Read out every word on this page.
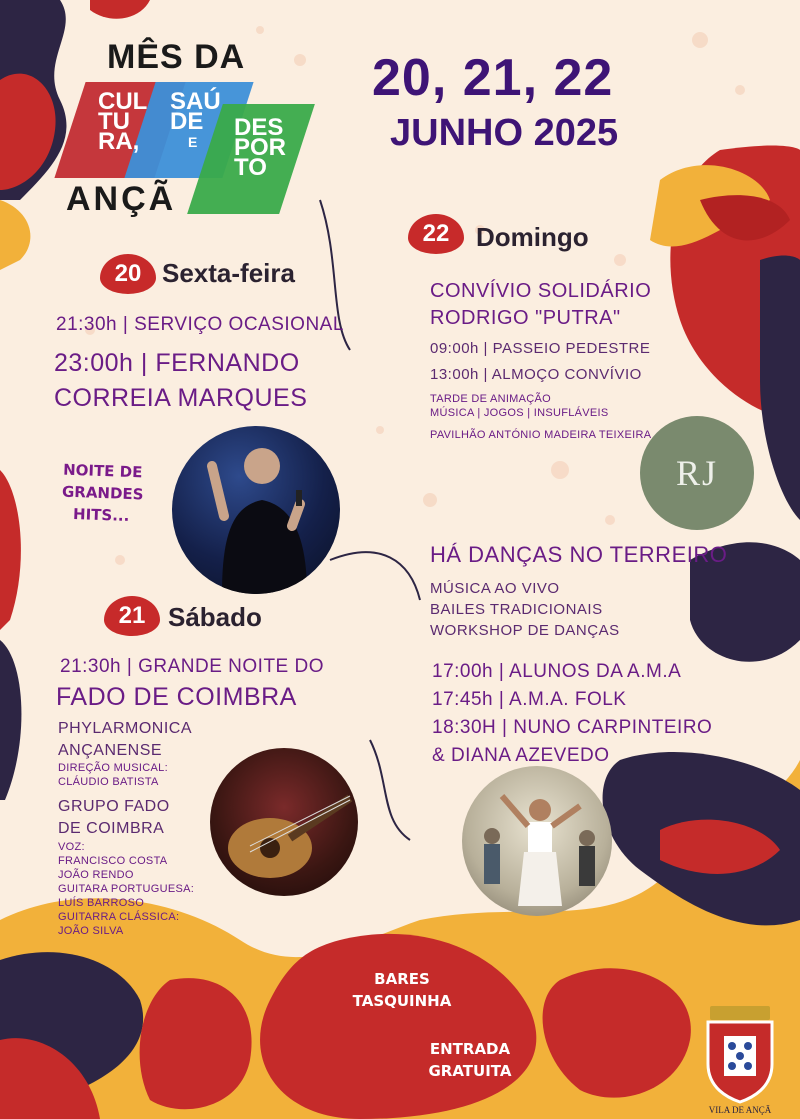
MÊS DA
CUL
TU
RA,
SAÚ
DE
E
DES
POR
TO
ANÇÃ
20, 21, 22
JUNHO 2025
20 Sexta-feira
21:30h | SERVIÇO OCASIONAL
23:00h | FERNANDO
CORREIA MARQUES
NOITE DE
GRANDES
HITS...
21 Sábado
21:30h | GRANDE NOITE DO
FADO DE COIMBRA
PHYLARMONICA
ANÇANENSE
DIREÇÃO MUSICAL:
CLÁUDIO BATISTA
GRUPO FADO
DE COIMBRA
VOZ:
FRANCISCO COSTA
JOÃO RENDO
GUITARA PORTUGUESA:
LUÍS BARROSO
GUITARRA CLÁSSICA:
JOÃO SILVA
22	Domingo
CONVÍVIO SOLIDÁRIO
RODRIGO "PUTRA"
09:00h | PASSEIO PEDESTRE
13:00h | ALMOÇO CONVÍVIO
TARDE DE ANIMAÇÃO
MÚSICA | JOGOS | INSUFLÁVEIS
PAVILHÃO ANTÓNIO MADEIRA TEIXEIRA
RJ
HÁ DANÇAS NO TERREIRO
MÚSICA AO VIVO
BAILES TRADICIONAIS
WORKSHOP DE DANÇAS
17:00h | ALUNOS DA A.M.A
17:45h | A.M.A. FOLK
18:30H | NUNO CARPINTEIRO
& DIANA AZEVEDO
BARES
TASQUINHA
ENTRADA
GRATUITA
VILA DE ANÇÃ
